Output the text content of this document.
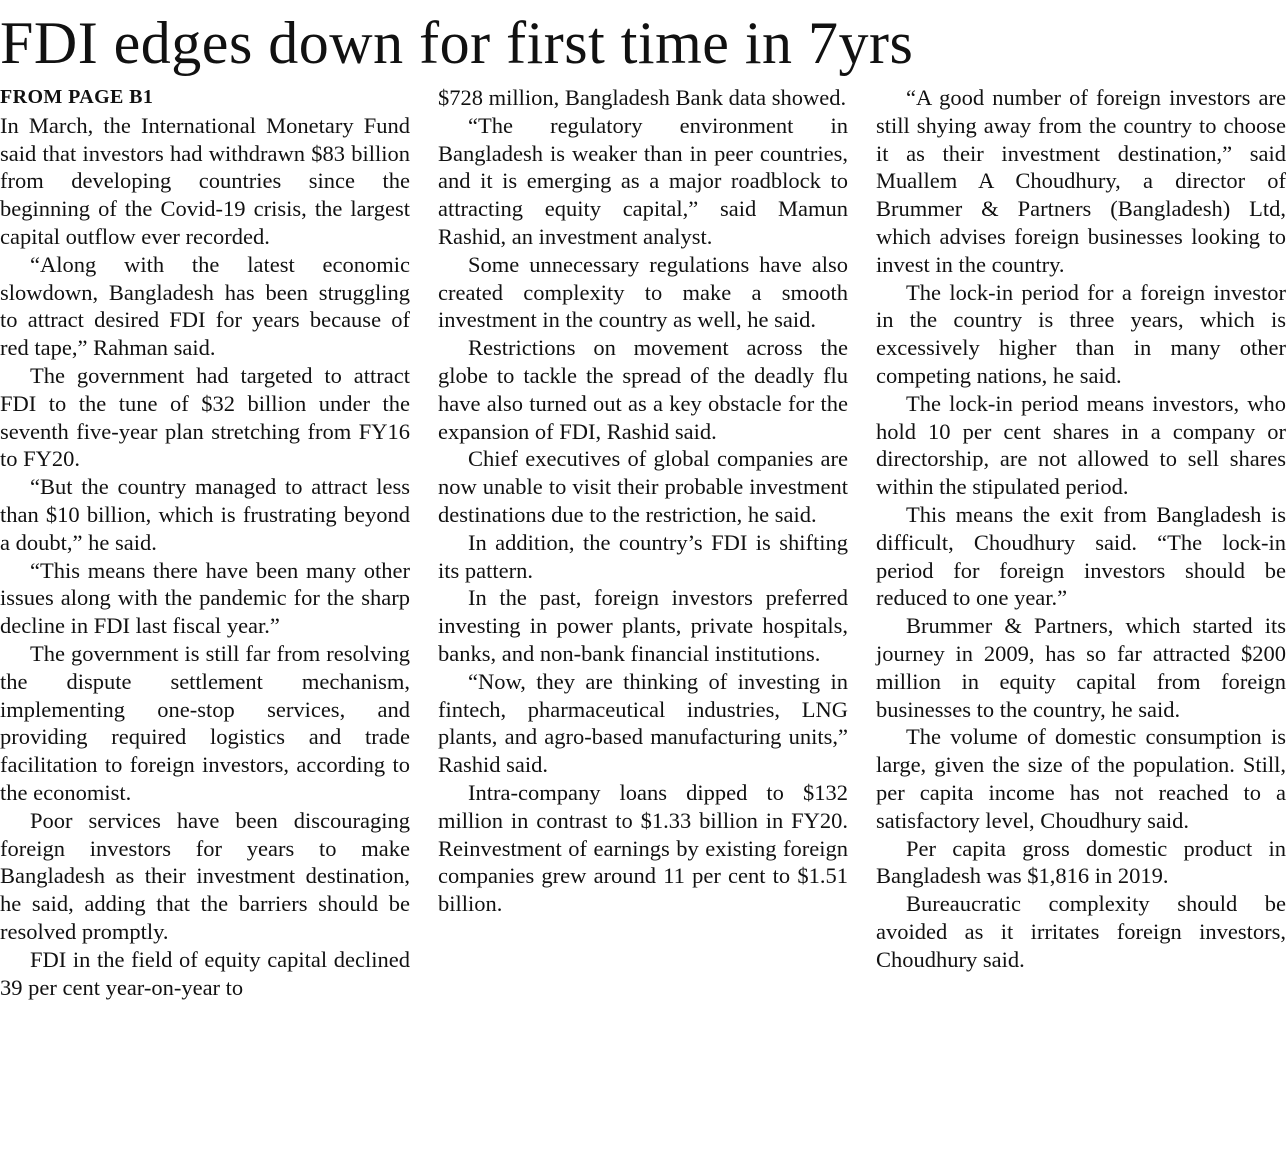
FDI edges down for first time in 7yrs
FROM PAGE B1

In March, the International Monetary Fund said that investors had withdrawn $83 billion from developing countries since the beginning of the Covid-19 crisis, the largest capital outflow ever recorded.

“Along with the latest economic slowdown, Bangladesh has been struggling to attract desired FDI for years because of red tape,” Rahman said.

The government had targeted to attract FDI to the tune of $32 billion under the seventh five-year plan stretching from FY16 to FY20.

“But the country managed to attract less than $10 billion, which is frustrating beyond a doubt,” he said.

“This means there have been many other issues along with the pandemic for the sharp decline in FDI last fiscal year.”

The government is still far from resolving the dispute settlement mechanism, implementing one-stop services, and providing required logistics and trade facilitation to foreign investors, according to the economist.

Poor services have been discouraging foreign investors for years to make Bangladesh as their investment destination, he said, adding that the barriers should be resolved promptly.

FDI in the field of equity capital declined 39 per cent year-on-year to

$728 million, Bangladesh Bank data showed.

“The regulatory environment in Bangladesh is weaker than in peer countries, and it is emerging as a major roadblock to attracting equity capital,” said Mamun Rashid, an investment analyst.

Some unnecessary regulations have also created complexity to make a smooth investment in the country as well, he said.

Restrictions on movement across the globe to tackle the spread of the deadly flu have also turned out as a key obstacle for the expansion of FDI, Rashid said.

Chief executives of global companies are now unable to visit their probable investment destinations due to the restriction, he said.

In addition, the country’s FDI is shifting its pattern.

In the past, foreign investors preferred investing in power plants, private hospitals, banks, and non-bank financial institutions.

“Now, they are thinking of investing in fintech, pharmaceutical industries, LNG plants, and agro-based manufacturing units,” Rashid said.

Intra-company loans dipped to $132 million in contrast to $1.33 billion in FY20. Reinvestment of earnings by existing foreign companies grew around 11 per cent to $1.51 billion.

“A good number of foreign investors are still shying away from the country to choose it as their investment destination,” said Muallem A Choudhury, a director of Brummer & Partners (Bangladesh) Ltd, which advises foreign businesses looking to invest in the country.

The lock-in period for a foreign investor in the country is three years, which is excessively higher than in many other competing nations, he said.

The lock-in period means investors, who hold 10 per cent shares in a company or directorship, are not allowed to sell shares within the stipulated period.

This means the exit from Bangladesh is difficult, Choudhury said. “The lock-in period for foreign investors should be reduced to one year.”

Brummer & Partners, which started its journey in 2009, has so far attracted $200 million in equity capital from foreign businesses to the country, he said.

The volume of domestic consumption is large, given the size of the population. Still, per capita income has not reached to a satisfactory level, Choudhury said.

Per capita gross domestic product in Bangladesh was $1,816 in 2019.

Bureaucratic complexity should be avoided as it irritates foreign investors, Choudhury said.
